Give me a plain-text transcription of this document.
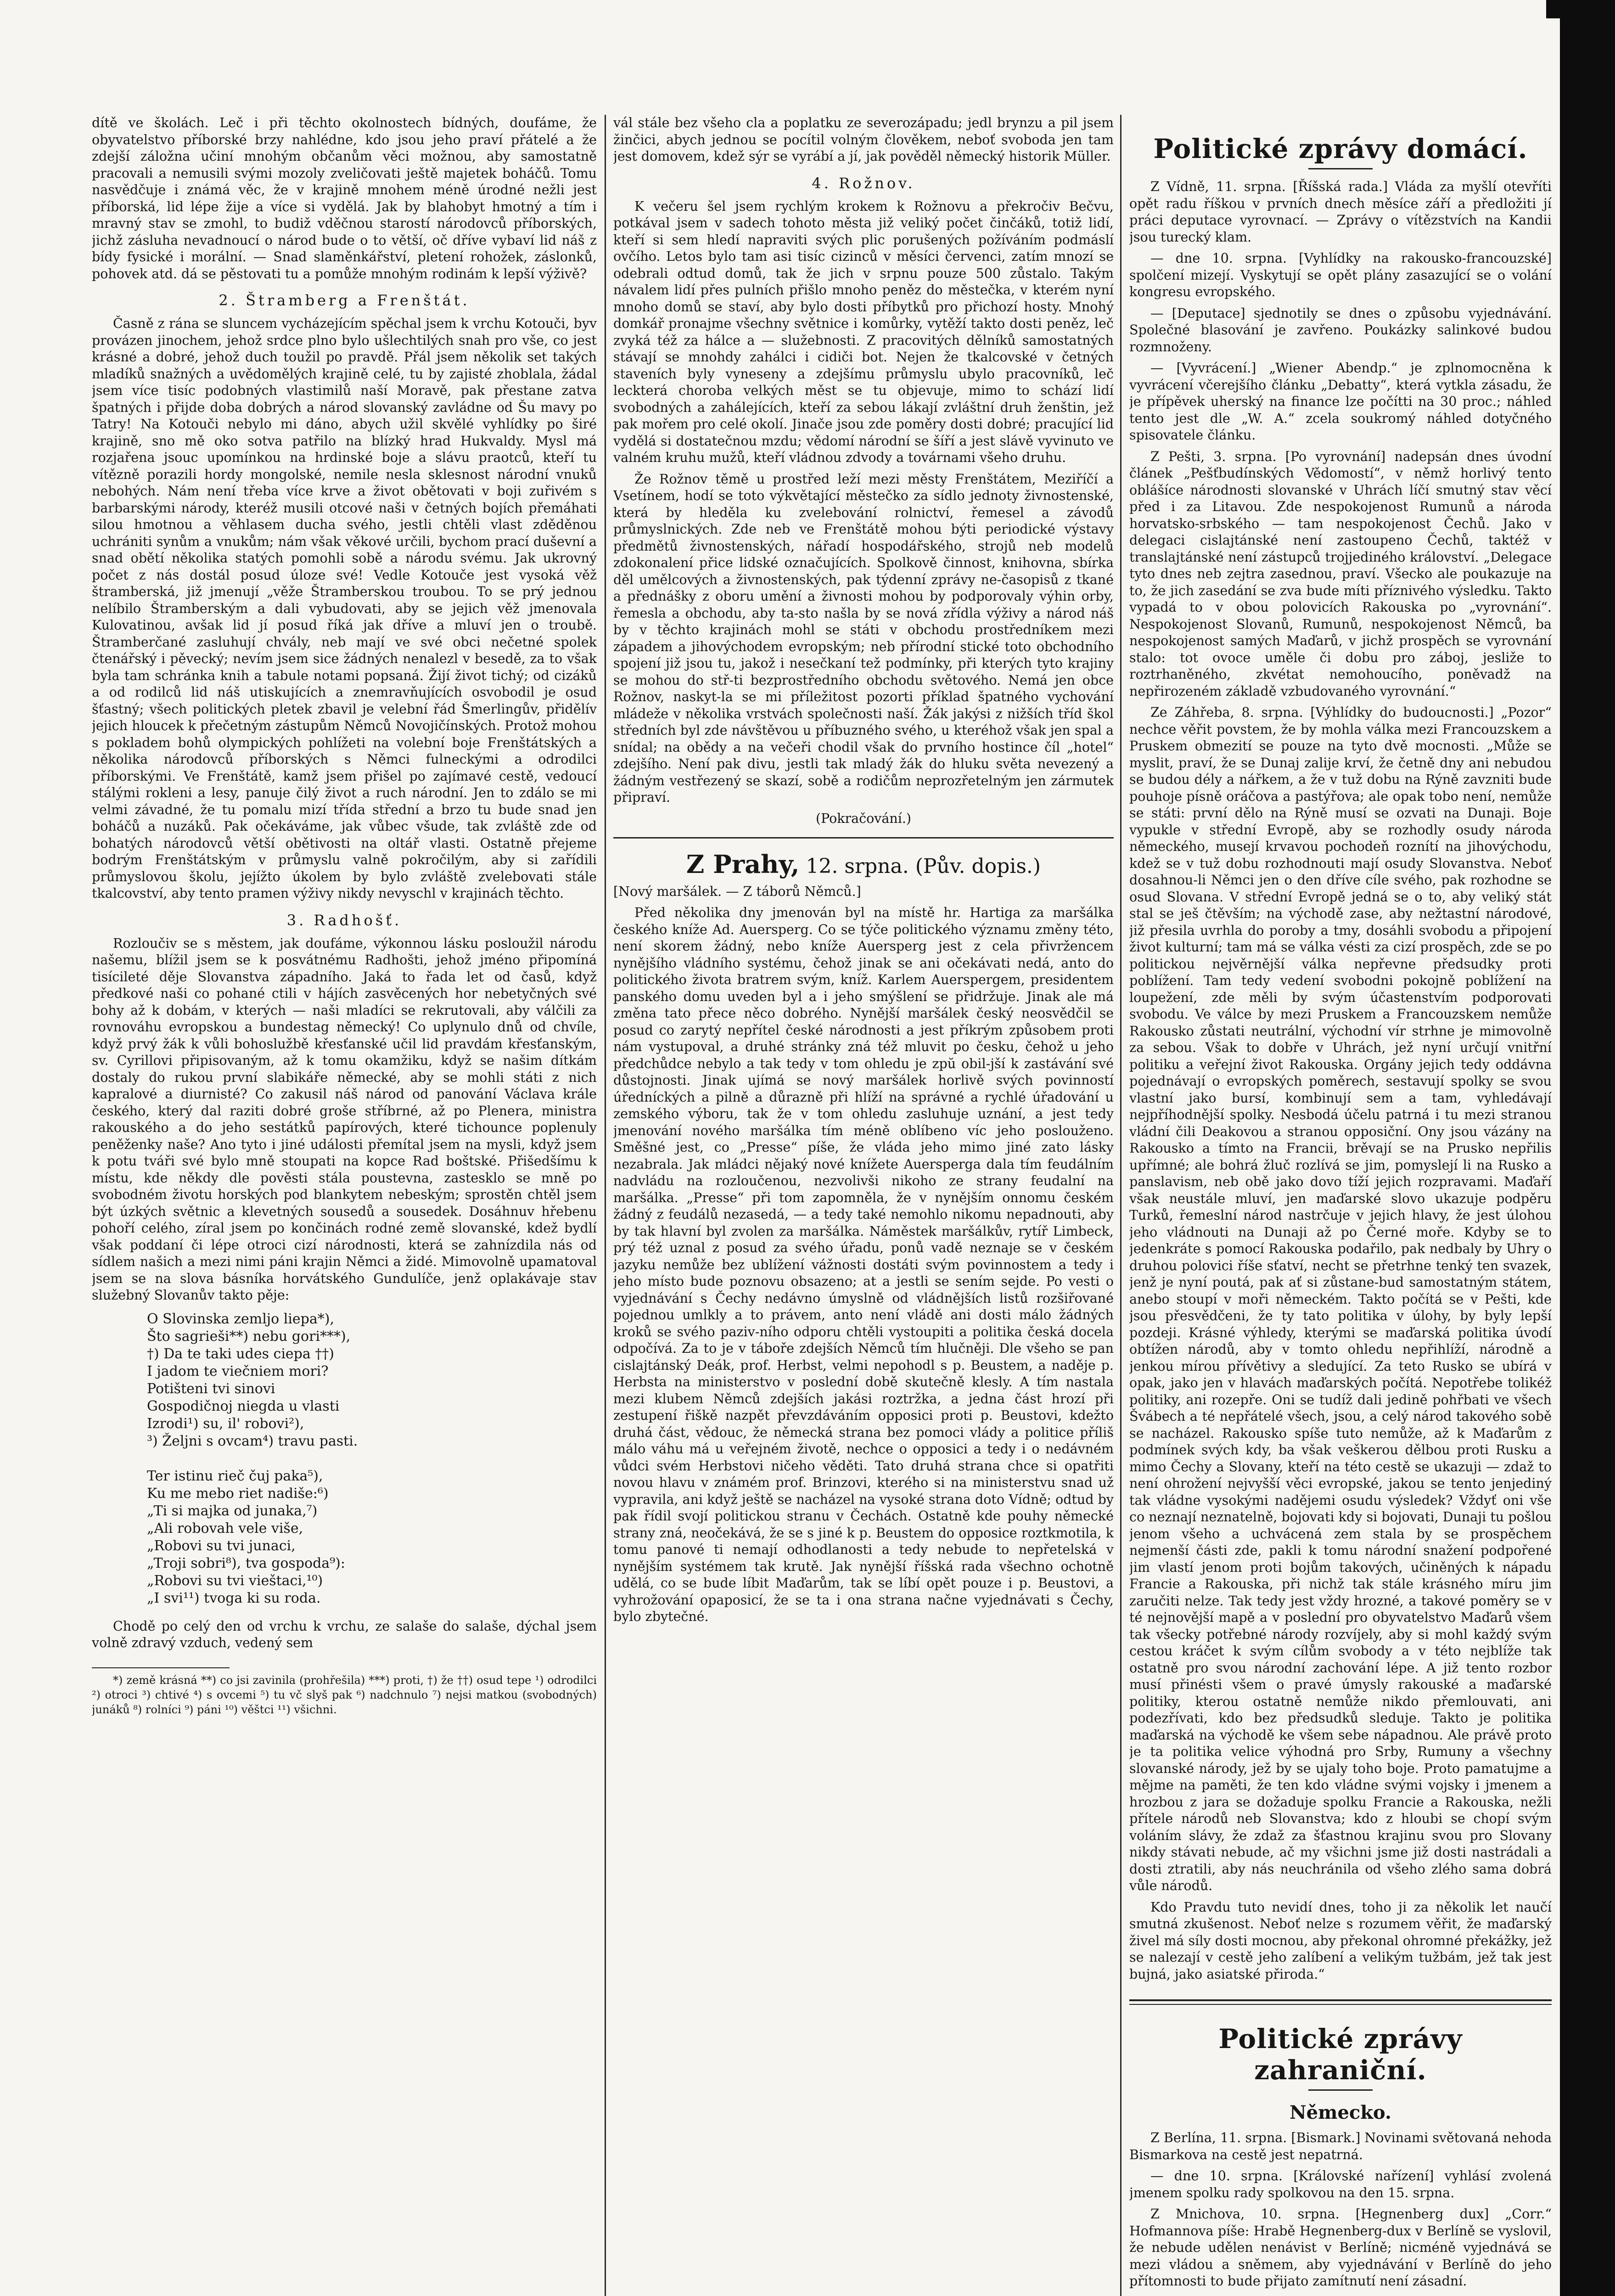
dítě ve školách. Leč i při těchto okolnostech bídných, doufáme, že obyvatelstvo příborské brzy nahlédne, kdo jsou jeho praví přátelé a že zdejší záložna učiní mnohým občanům věci možnou, aby samostatně pracovali a nemusili svými mozoly zveličovati ještě majetek boháčů. Tomu nasvědčuje i známá věc, že v krajině mnohem méně úrodné nežli jest příborská, lid lépe žije a více si vydělá. Jak by blahobyt hmotný a tím i mravný stav se zmohl, to budiž vděčnou starostí národovců příborských, jichž zásluha nevadnoucí o národ bude o to větší, oč dříve vybaví lid náš z bídy fysické i morální. — Snad slaměnkářství, pletení rohožek, záslonků, pohovek atd. dá se pěstovati tu a pomůže mnohým rodinám k lepší výživě?

2. Štramberg a Frenštát.

Časně z rána se sluncem vycházejícím spěchal jsem k vrchu Kotouči, byv provázen jinochem, jehož srdce plno bylo ušlechtilých snah pro vše, co jest krásné a dobré, jehož duch toužil po pravdě. Přál jsem několik set takých mladíků snažných a uvědomělých krajině celé, tu by zajisté zhoblala, žádal jsem více tisíc podobných vlastimilů naší Moravě, pak přestane zatva špatných i přijde doba dobrých a národ slovanský zavládne od Šu mavy po Tatry! Na Kotouči nebylo mi dáno, abych užil skvělé vyhlídky po širé krajině, sno mě oko sotva patřilo na blízký hrad Hukvaldy. Mysl má rozjařena jsouc upomínkou na hrdinské boje a slávu praotců, kteří tu vítězně porazili hordy mongolské, nemile nesla sklesnost národní vnuků nebohých. Nám není třeba více krve a život obětovati v boji zuřivém s barbarskými národy, kteréž musili otcové naši v četných bojích přemáhati silou hmotnou a věhlasem ducha svého, jestli chtěli vlast zděděnou uchrániti synům a vnukům; nám však věkové určili, bychom prací duševní a snad obětí několika statých pomohli sobě a národu svému. Jak ukrovný počet z nás dostál posud úloze své! Vedle Kotouče jest vysoká věž štramberská, již jmenují „věže Štramberskou troubou. To se prý jednou nelíbilo Štramberským a dali vybudovati, aby se jejich věž jmenovala Kulovatinou, avšak lid jí posud říká jak dříve a mluví jen o troubě. Štramberčané zasluhují chvály, neb mají ve své obci nečetné spolek čtenářský i pěvecký; nevím jsem sice žádných nenalezl v besedě, za to však byla tam schránka knih a tabule notami popsaná. Žijí život tichý; od cizáků a od rodilců lid náš utiskujících a znemravňujících osvobodil je osud šťastný; všech politických pletek zbavil je velební řád Šmerlingův, přidělív jejich hloucek k přečetným zástupům Němců Novojičínských. Protož mohou s pokladem bohů olympických pohlížeti na volební boje Frenštátských a několika národovců příborských s Němci fulneckými a odrodilci příborskými. Ve Frenštátě, kamž jsem přišel po zajímavé cestě, vedoucí stálými rokleni a lesy, panuje čilý život a ruch národní. Jen to zdálo se mi velmi závadné, že tu pomalu mizí třída střední a brzo tu bude snad jen boháčů a nuzáků. Pak očekáváme, jak vůbec všude, tak zvláště zde od bohatých národovců větší obětivosti na oltář vlasti. Ostatně přejeme bodrým Frenštátským v průmyslu valně pokročilým, aby si zařídili průmyslovou školu, jejížto úkolem by bylo zvláště zvelebovati stále tkalcovství, aby tento pramen výživy nikdy nevyschl v krajinách těchto.

3. Radhošť.

Rozloučiv se s městem, jak doufáme, výkonnou lásku posloužil národu našemu, blížil jsem se k posvátnému Radhošti, jehož jméno připomíná tisícileté děje Slovanstva západního. Jaká to řada let od časů, když předkové naši co pohané ctili v hájích zasvěcených hor nebetyčných své bohy až k dobám, v kterých — naši mladíci se rekrutovali, aby válčili za rovnováhu evropskou a bundestag německý! Co uplynulo dnů od chvíle, když prvý žák k vůli bohoslužbě křesťanské učil lid pravdám křesťanským, sv. Cyrillovi připisovaným, až k tomu okamžiku, když se našim dítkám dostaly do rukou první slabikáře německé, aby se mohli státi z nich kapralové a diurnisté? Co zakusil náš národ od panování Václava krále českého, který dal raziti dobré groše stříbrné, až po Plenera, ministra rakouského a do jeho sestátků papírových, které tichounce poplenuly peněženky naše? Ano tyto i jiné události přemítal jsem na mysli, když jsem k potu tváři své bylo mně stoupati na kopce Rad boštské. Přišedšímu k místu, kde někdy dle pověsti stála poustevna, zastesklo se mně po svobodném životu horských pod blankytem nebeským; sprostěn chtěl jsem být úzkých světnic a klevetných sousedů a sousedek. Dosáhnuv hřebenu pohoří celého, zíral jsem po končinách rodné země slovanské, kdež bydlí však poddaní či lépe otroci cizí národnosti, která se zahnízdila nás od sídlem našich a mezi nimi páni krajin Němci a židé. Mimovolně upamatoval jsem se na slova básníka horvátského Gundulíče, jenž oplakávaje stav služebný Slovanův takto pěje:

O Slovinska zemljo liepa*),
Što sagrieši**) nebu gori***),
†) Da te taki udes ciepa ††)
I jadom te viečniem mori?
Potišteni tvi sinovi
Gospodičnoj niegda u vlasti
Izrodi¹) su, il' robovi²),
³) Željni s ovcam⁴) travu pasti.

Ter istinu rieč čuj paka⁵),
Ku me mebo riet nadiše:⁶)
„Ti si majka od junaka,⁷)
„Ali robovah vele više,
„Robovi su tvi junaci,
„Troji sobri⁸), tva gospoda⁹):
„Robovi su tvi vieštaci,¹⁰)
„I svi¹¹) tvoga ki su roda.

Chodě po celý den od vrchu k vrchu, ze salaše do salaše, dýchal jsem volně zdravý vzduch, vedený sem

*) země krásná **) co jsi zavinila (prohřešila) ***) proti, †) že ††) osud tepe ¹) odrodilci ²) otroci ³) chtivé ⁴) s ovcemi ⁵) tu vč slyš pak ⁶) nadchnulo ⁷) nejsi matkou (svobodných) junáků ⁸) rolníci ⁹) páni ¹⁰) věštci ¹¹) všichni.

vál stále bez všeho cla a poplatku ze severozápadu; jedl brynzu a pil jsem žinčici, abych jednou se pocítil volným člověkem, neboť svoboda jen tam jest domovem, kdež sýr se vyrábí a jí, jak pověděl německý historik Müller.

4. Rožnov.

K večeru šel jsem rychlým krokem k Rožnovu a překročiv Bečvu, potkával jsem v sadech tohoto města již veliký počet činčáků, totiž lidí, kteří si sem hledí napraviti svých plic porušených požíváním podmáslí ovčího. Letos bylo tam asi tisíc cizinců v měsíci červenci, zatím mnozí se odebrali odtud domů, tak že jich v srpnu pouze 500 zůstalo. Takým návalem lidí přes pulních přišlo mnoho peněz do městečka, v kterém nyní mnoho domů se staví, aby bylo dosti příbytků pro přichozí hosty. Mnohý domkář pronajme všechny světnice i komůrky, vytěží takto dosti peněz, leč zvyká též za hálce a — služebnosti. Z pracovitých dělníků samostatných stávají se mnohdy zahálci i cidiči bot. Nejen že tkalcovské v četných staveních byly vyneseny a zdejšímu průmyslu ubylo pracovníků, leč leckterá choroba velkých měst se tu objevuje, mimo to schází lidí svobodných a zahálejících, kteří za sebou lákají zvláštní druh ženštin, jež pak mořem pro celé okolí. Jinače jsou zde poměry dosti dobré; pracující lid vydělá si dostatečnou mzdu; vědomí národní se šíří a jest slávě vyvinuto ve valném kruhu mužů, kteří vládnou zdvody a továrnami všeho druhu.

Že Rožnov těmě u prostřed leží mezi městy Frenštátem, Meziříčí a Vsetínem, hodí se toto výkvětající městečko za sídlo jednoty živnostenské, která by hleděla ku zvelebování rolnictví, řemesel a závodů průmyslnických. Zde neb ve Frenštátě mohou býti periodické výstavy předmětů živnostenských, nářadí hospodářského, strojů neb modelů zdokonalení přice lidské označujících. Spolkově činnost, knihovna, sbírka děl umělcových a živnostenských, pak týdenní zprávy ne-časopisů z tkané a přednášky z oboru umění a živnosti mohou by podporovaly výhin orby, řemesla a obchodu, aby ta-sto našla by se nová zřídla výživy a národ náš by v těchto krajinách mohl se státi v obchodu prostředníkem mezi západem a jihovýchodem evropským; neb přírodní stické toto obchodního spojení již jsou tu, jakož i nesečkaní tež podmínky, při kterých tyto krajiny se mohou do stř-ti bezprostředního obchodu světového. Nemá jen obce Rožnov, naskyt-la se mi příležitost pozorti příklad špatného vychování mládeže v několika vrstvách společnosti naší. Žák jakýsi z nižších tříd škol středních byl zde návštěvou u příbuzného svého, u kteréhož však jen spal a snídal; na obědy a na večeři chodil však do prvního hostince číl „hotel“ zdejšího. Není pak divu, jestli tak mladý žák do hluku světa nevezený a žádným vestřezený se skazí, sobě a rodičům neprozřetelným jen zármutek připraví.

(Pokračování.)
Z Prahy, 12. srpna. (Pův. dopis.)

[Nový maršálek. — Z táborů Němců.]

Před několika dny jmenován byl na místě hr. Hartiga za maršálka českého kníže Ad. Auersperg. Co se týče politického významu změny této, není skorem žádný, nebo kníže Auersperg jest z cela přivržencem nynějšího vládního systému, čehož jinak se ani očekávati nedá, anto do politického života bratrem svým, kníž. Karlem Auerspergem, presidentem panského domu uveden byl a i jeho smýšlení se přidržuje. Jinak ale má změna tato přece něco dobrého. Nynější maršálek český neosvědčil se posud co zarytý nepřítel české národnosti a jest příkrým způsobem proti nám vystupoval, a druhé stránky zná též mluvit po česku, čehož u jeho předchůdce nebylo a tak tedy v tom ohledu je zpŭ obil-jší k zastávání své důstojnosti. Jinak ujímá se nový maršálek horlivě svých povinností úředníckých a pilně a důrazně při hlíží na správné a rychlé úřadování u zemského výboru, tak že v tom ohledu zasluhuje uznání, a jest tedy jmenování nového maršálka tím méně oblíbeno víc jeho poslouženo. Směšné jest, co „Presse“ píše, že vláda jeho mimo jiné zato lásky nezabrala. Jak mládci nějaký nové knížete Auersperga dala tím feudálním nadvládu na rozloučenou, nezvolivši nikoho ze strany feudalní na maršálka. „Presse“ při tom zapomněla, že v nynějším onnomu českém žádný z feudálů nezasedá, — a tedy také nemohlo nikomu nepadnouti, aby by tak hlavní byl zvolen za maršálka. Náměstek maršálkův, rytíř Limbeck, prý též uznal z posud za svého úřadu, ponů vadě neznaje se v českém jazyku nemůže bez ublížení vážnosti dostáti svým povinnostem a tedy i jeho místo bude poznovu obsazeno; at a jestli se sením sejde. Po vesti o vyjednávání s Čechy nedávno úmyslně od vládnějších listů rozšiřované pojednou umlkly a to právem, anto není vládě ani dosti málo žádných kroků se svého paziv-ního odporu chtěli vystoupiti a politika česká docela odpočívá. Za to je v táboře zdejších Němců tím hlučněji. Dle všeho se pan cislajtánský Deák, prof. Herbst, velmi nepohodl s p. Beustem, a naděje p. Herbsta na ministerstvo v poslední době skutečně klesly. A tím nastala mezi klubem Němců zdejších jakási roztržka, a jedna část hrozí při zestupení řiškě nazpět převzdáváním opposici proti p. Beustovi, kdežto druhá část, vědouc, že německá strana bez pomoci vlády a politice příliš málo váhu má u veřejném životě, nechce o opposici a tedy i o nedávném vůdci svém Herbstovi ničeho věděti. Tato druhá strana chce si opatřiti novou hlavu v známém prof. Brinzovi, kterého si na ministerstvu snad už vypravila, ani když ještě se nacházel na vysoké strana doto Vídně; odtud by pak řídil svojí politickou stranu v Čechách. Ostatně kde pouhy německé strany zná, neočekává, že se s jiné k p. Beustem do opposice roztkmotila, k tomu panové ti nemají odhodlanosti a tedy nebude to nepřetelská v nynějším systémem tak krutě. Jak nynější říšská rada všechno ochotně udělá, co se bude líbit Maďarům, tak se líbí opět pouze i p. Beustovi, a vyhrožování opaposicí, že se ta i ona strana načne vyjednávati s Čechy, bylo zbytečné.

Politické zprávy domácí.

Z Vídně, 11. srpna. [Říšská rada.] Vláda za myšlí otevříti opět radu říškou v prvních dnech měsíce září a předložiti jí práci deputace vyrovnací. — Zprávy o vítězstvích na Kandii jsou turecký klam.

— dne 10. srpna. [Vyhlídky na rakousko-francouzské] spolčení mizejí. Vyskytují se opět plány zasazující se o volání kongresu evropského.

— [Deputace] sjednotily se dnes o způsobu vyjednávání. Společné blasování je zavřeno. Poukázky salinkové budou rozmnoženy.

— [Vyvrácení.] „Wiener Abendp.“ je zplnomocněna k vyvrácení včerejšího článku „Debatty“, která vytkla zásadu, že je přípěvek uherský na finance lze počítti na 30 proc.; náhled tento jest dle „W. A.“ zcela soukromý náhled dotyčného spisovatele článku.

Z Pešti, 3. srpna. [Po vyrovnání] nadepsán dnes úvodní článek „Pešťbudínských Vědomostí“, v němž horlivý tento oblášíce národnosti slovanské v Uhrách líčí smutný stav věcí před i za Litavou. Zde nespokojenost Rumunů a národa horvatsko-srbského — tam nespokojenost Čechů. Jako v delegaci cislajtánské není zastoupeno Čechů, taktéž v translajtánské není zástupců trojjediného království. „Delegace tyto dnes neb zejtra zasednou, praví. Všecko ale poukazuje na to, že jich zasedání se zva bude míti příznivého výsledku. Takto vypadá to v obou polovicích Rakouska po „vyrovnání“. Nespokojenost Slovanů, Rumunů, nespokojenost Němců, ba nespokojenost samých Maďarů, v jichž prospěch se vyrovnání stalo: tot ovoce uměle či dobu pro záboj, jesliže to roztrhaněného, zkvétat nemohoucího, poněvadž na nepřirozeném základě vzbudovaného vyrovnání.“

Ze Záhřeba, 8. srpna. [Výhlídky do budoucnosti.] „Pozor“ nechce věřit povstem, že by mohla válka mezi Francouzskem a Pruskem obmezití se pouze na tyto dvě mocnosti. „Může se myslit, praví, že se Dunaj zalije krví, že četně dny ani nebudou se budou dély a nářkem, a že v tuž dobu na Rýně zavzniti bude pouhoje písně oráčova a pastýřova; ale opak tobo není, nemůže se státi: první dělo na Rýně musí se ozvati na Dunaji. Boje vypukle v střední Evropě, aby se rozhodly osudy národa německého, musejí krvavou pochodeň roznítí na jihovýchodu, kdež se v tuž dobu rozhodnouti mají osudy Slovanstva. Neboť dosahnou-li Němci jen o den dříve cíle svého, pak rozhodne se osud Slovana. V střední Evropě jedná se o to, aby veliký stát stal se ješ čtěvším; na východě zase, aby nežtastní národové, již přesila uvrhla do poroby a tmy, dosáhli svobodu a připojení život kulturní; tam má se válka vésti za cizí prospěch, zde se po politickou nejvěrnější válka nepřevne předsudky proti poblížení. Tam tedy vedení svobodni pokojně poblížení na loupežení, zde měli by svým účastenstvím podporovati svobodu. Ve válce by mezi Pruskem a Francouzskem nemůže Rakousko zůstati neutrální, východní vír strhne je mimovolně za sebou. Však to dobře v Uhrách, jež nyní určují vnitřní politiku a veřejní život Rakouska. Orgány jejich tedy oddávna pojednávají o evropských poměrech, sestavují spolky se svou vlastní jako bursí, kombinují sem a tam, vyhledávají nejpříhodnější spolky. Nesbodá účelu patrná i tu mezi stranou vládní čili Deakovou a stranou opposiční. Ony jsou vázány na Rakousko a tímto na Francii, brěvají se na Prusko nepřilis upřímné; ale bohrá žluč rozlívá se jim, pomyslejí li na Rusko a panslavism, neb obě jako dovo tíží jejich rozpravami. Maďaří však neustále mluví, jen maďarské slovo ukazuje podpěru Turků, řemeslní národ nastrčuje v jejich hlavy, že jest úlohou jeho vládnouti na Dunaji až po Černé moře. Kdyby se to jedenkráte s pomocí Rakouska podařilo, pak nedbaly by Uhry o druhou polovici říše sťatví, necht se přetrhne tenký ten svazek, jenž je nyní poutá, pak ať si zůstane-bud samostatným státem, anebo stoupí v moři německém. Takto počítá se v Pešti, kde jsou přesvědčeni, že ty tato politika v úlohy, by byly lepší pozdeji. Krásné výhledy, kterými se maďarská politika úvodí obtížen národů, aby v tomto ohledu nepřihlíží, národně a jenkou mírou přívětivy a sledující. Za teto Rusko se ubírá v opak, jako jen v hlavách maďarských počítá. Nepotřebe tolikéž politiky, ani rozepře. Oni se tudíž dali jedině pohřbati ve všech Švábech a té nepřátelé všech, jsou, a celý národ takového sobě se nacházel. Rakousko spíše tuto nemůže, až k Maďarům z podmínek svých kdy, ba však veškerou dělbou proti Rusku a mimo Čechy a Slovany, kteří na této cestě se ukazuji — zdaž to není ohrožení nejvyšší věci evropské, jakou se tento jenjediný tak vládne vysokými nadějemi osudu výsledek? Vždyť oni vše co neznají neznatelně, bojovati kdy si bojovati, Dunaji tu pošlou jenom všeho a uchvácená zem stala by se prospěchem nejmenší části zde, pakli k tomu národní snažení podpořené jim vlastí jenom proti bojům takových, učiněných k nápadu Francie a Rakouska, při nichž tak stále krásného míru jim zaručiti nelze. Tak tedy jest vždy hrozné, a takové poměry se v té nejnovější mapě a v poslední pro obyvatelstvo Maďarů všem tak všecky potřebné národy rozvíjely, aby si mohl každý svým cestou kráčet k svým cílům svobody a v této nejblíže tak ostatně pro svou národní zachování lépe. A již tento rozbor musí přinésti všem o pravé úmysly rakouské a maďarské politiky, kterou ostatně nemůže nikdo přemlouvati, ani podezřívati, kdo bez předsudků sleduje. Takto je politika maďarská na východě ke všem sebe nápadnou. Ale právě proto je ta politika velice výhodná pro Srby, Rumuny a všechny slovanské národy, jež by se ujaly toho boje. Proto pamatujme a mějme na paměti, že ten kdo vládne svými vojsky i jmenem a hrozbou z jara se dožaduje spolku Francie a Rakouska, nežli přítele národů neb Slovanstva; kdo z hloubi se chopí svým voláním slávy, že zdaž za šťastnou krajinu svou pro Slovany nikdy stávati nebude, ač my všichni jsme již dosti nastrádali a dosti ztratili, aby nás neuchránila od všeho zlého sama dobrá vůle národů.

Kdo Pravdu tuto nevidí dnes, toho ji za několik let naučí smutná zkušenost. Neboť nelze s rozumem věřit, že maďarský živel má síly dosti mocnou, aby překonal ohromné překážky, jež se nalezají v cestě jeho zalíbení a velikým tužbám, jež tak jest bujná, jako asiatské přiroda.“

Politické zprávy zahraniční.
Německo.

Z Berlína, 11. srpna. [Bismark.] Novinami světovaná nehoda Bismarkova na cestě jest nepatrná.

— dne 10. srpna. [Královské nařízení] vyhlásí zvolená jmenem spolku rady spolkovou na den 15. srpna.

Z Mnichova, 10. srpna. [Hegnenberg dux] „Corr.“ Hofmannova píše: Hrabě Hegnenberg-dux v Berlíně se vyslovil, že nebude udělen nenávist v Berlíně; nicméně vyjednává se mezi vládou a sněmem, aby vyjednávání v Berlíně do jeho přítomnosti to bude přijato zamítnutí není zásadní.
